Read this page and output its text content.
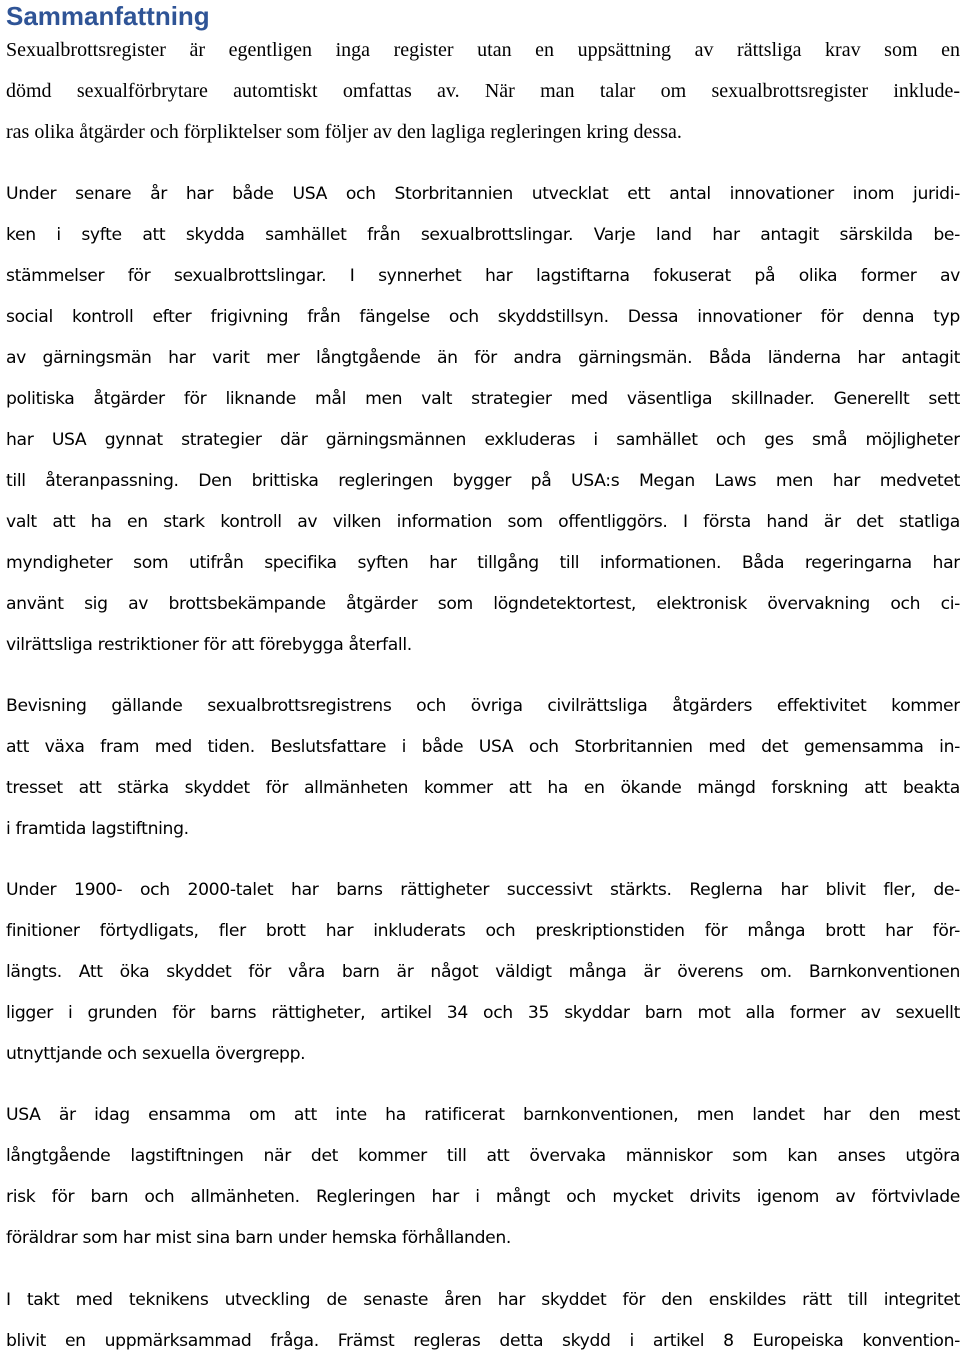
Sammanfattning
Sexualbrottsregister är egentligen inga register utan en uppsättning av rättsliga krav som en
dömd sexualförbrytare automtiskt omfattas av. När man talar om sexualbrottsregister inklude-
ras olika åtgärder och förpliktelser som följer av den lagliga regleringen kring dessa.
Under senare år har både USA och Storbritannien utvecklat ett antal innovationer inom juridi-
ken i syfte att skydda samhället från sexualbrottslingar. Varje land har antagit särskilda be-
stämmelser för sexualbrottslingar. I synnerhet har lagstiftarna fokuserat på olika former av
social kontroll efter frigivning från fängelse och skyddstillsyn. Dessa innovationer för denna typ
av gärningsmän har varit mer långtgående än för andra gärningsmän. Båda länderna har antagit
politiska åtgärder för liknande mål men valt strategier med väsentliga skillnader. Generellt sett
har USA gynnat strategier där gärningsmännen exkluderas i samhället och ges små möjligheter
till återanpassning. Den brittiska regleringen bygger på USA:s Megan Laws men har medvetet
valt att ha en stark kontroll av vilken information som offentliggörs. I första hand är det statliga
myndigheter som utifrån specifika syften har tillgång till informationen. Båda regeringarna har
använt sig av brottsbekämpande åtgärder som lögndetektortest, elektronisk övervakning och ci-
vilrättsliga restriktioner för att förebygga återfall.
Bevisning gällande sexualbrottsregistrens och övriga civilrättsliga åtgärders effektivitet kommer
att växa fram med tiden. Beslutsfattare i både USA och Storbritannien med det gemensamma in-
tresset att stärka skyddet för allmänheten kommer att ha en ökande mängd forskning att beakta
i framtida lagstiftning.
Under 1900- och 2000-talet har barns rättigheter successivt stärkts. Reglerna har blivit fler, de-
finitioner förtydligats, fler brott har inkluderats och preskriptionstiden för många brott har för-
längts. Att öka skyddet för våra barn är något väldigt många är överens om. Barnkonventionen
ligger i grunden för barns rättigheter, artikel 34 och 35 skyddar barn mot alla former av sexuellt
utnyttjande och sexuella övergrepp.
USA är idag ensamma om att inte ha ratificerat barnkonventionen, men landet har den mest
långtgående lagstiftningen när det kommer till att övervaka människor som kan anses utgöra
risk för barn och allmänheten. Regleringen har i mångt och mycket drivits igenom av förtvivlade
föräldrar som har mist sina barn under hemska förhållanden.
I takt med teknikens utveckling de senaste åren har skyddet för den enskildes rätt till integritet
blivit en uppmärksammad fråga. Främst regleras detta skydd i artikel 8 Europeiska konvention-
